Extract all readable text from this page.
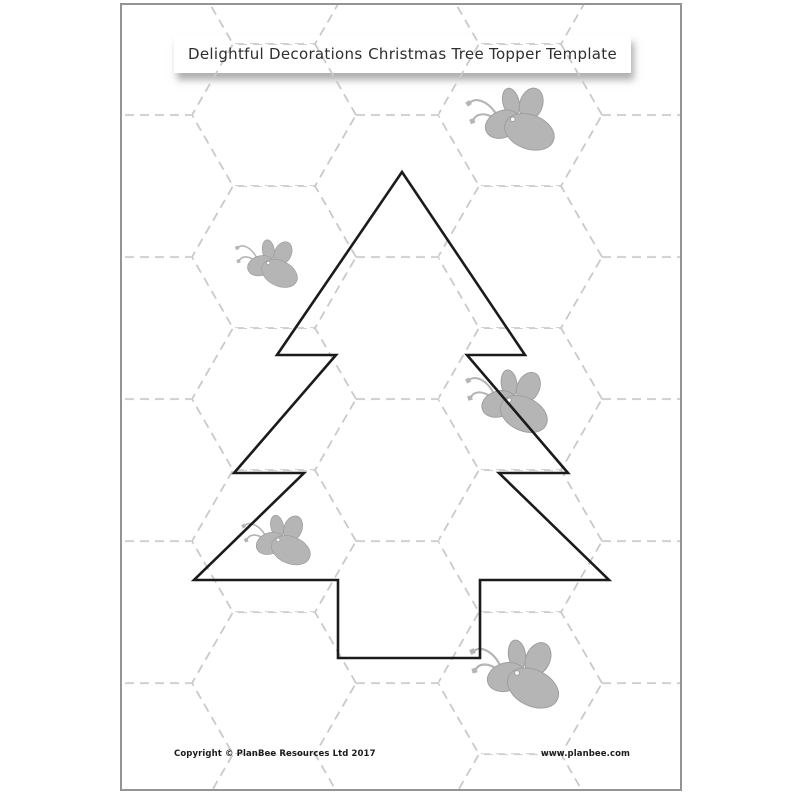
Delightful Decorations Christmas Tree Topper Template
Copyright © PlanBee Resources Ltd 2017	www.planbee.com
